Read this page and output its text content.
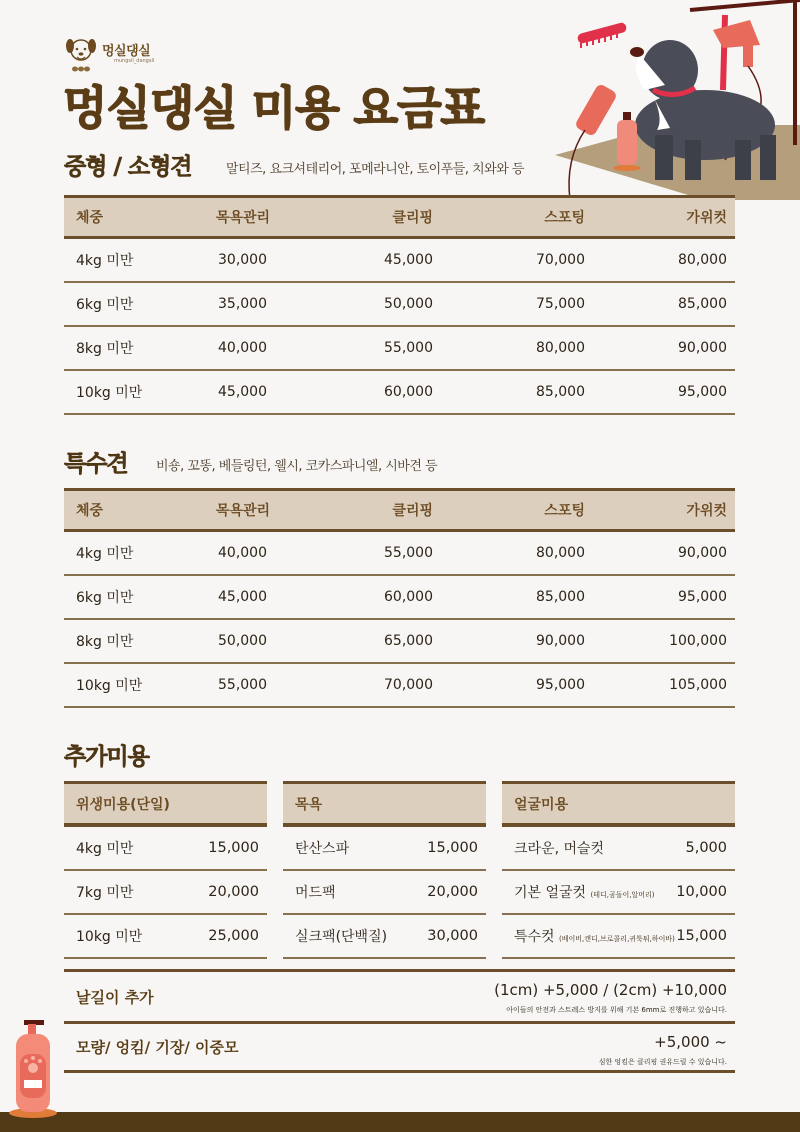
멍실댕실
mungsil_dangsil
멍실댕실 미용 요금표
중형 / 소형견	말티즈, 요크셔테리어, 포메라니안, 토이푸들, 치와와 등
체중	목욕관리	클리핑	스포팅	가위컷
4kg 미만	30,000	45,000	70,000	80,000
6kg 미만	35,000	50,000	75,000	85,000
8kg 미만	40,000	55,000	80,000	90,000
10kg 미만	45,000	60,000	85,000	95,000
특수견 비숑, 꼬똥, 베들링턴, 웰시, 코카스파니엘, 시바견 등
체중	목욕관리	클리핑	스포팅	가위컷
4kg 미만	40,000	55,000	80,000	90,000
6kg 미만	45,000	60,000	85,000	95,000
8kg 미만	50,000	65,000	90,000	100,000
10kg 미만	55,000	70,000	95,000	105,000
추가미용
위생미용(단일)
4kg 미만	15,000
7kg 미만	20,000
10kg 미만	25,000
목욕
탄산스파	15,000
머드팩	20,000
실크팩(단백질)	30,000
얼굴미용
크라운, 머슬컷	5,000
기본 얼굴컷 (테디,곰돌이,알머리) 10,000
특수컷 (베이비,캔디,브로콜리,귀툭튀,하이바) 15,000
날길이 추가	(1cm) +5,000 / (2cm) +10,000
아이들의 안전과 스트레스 방지를 위해 기본 6mm로 진행하고 있습니다.
모량/ 엉킴/ 기장/ 이중모	+5,000 ~
심한 엉킴은 클리핑 권유드릴 수 있습니다.
